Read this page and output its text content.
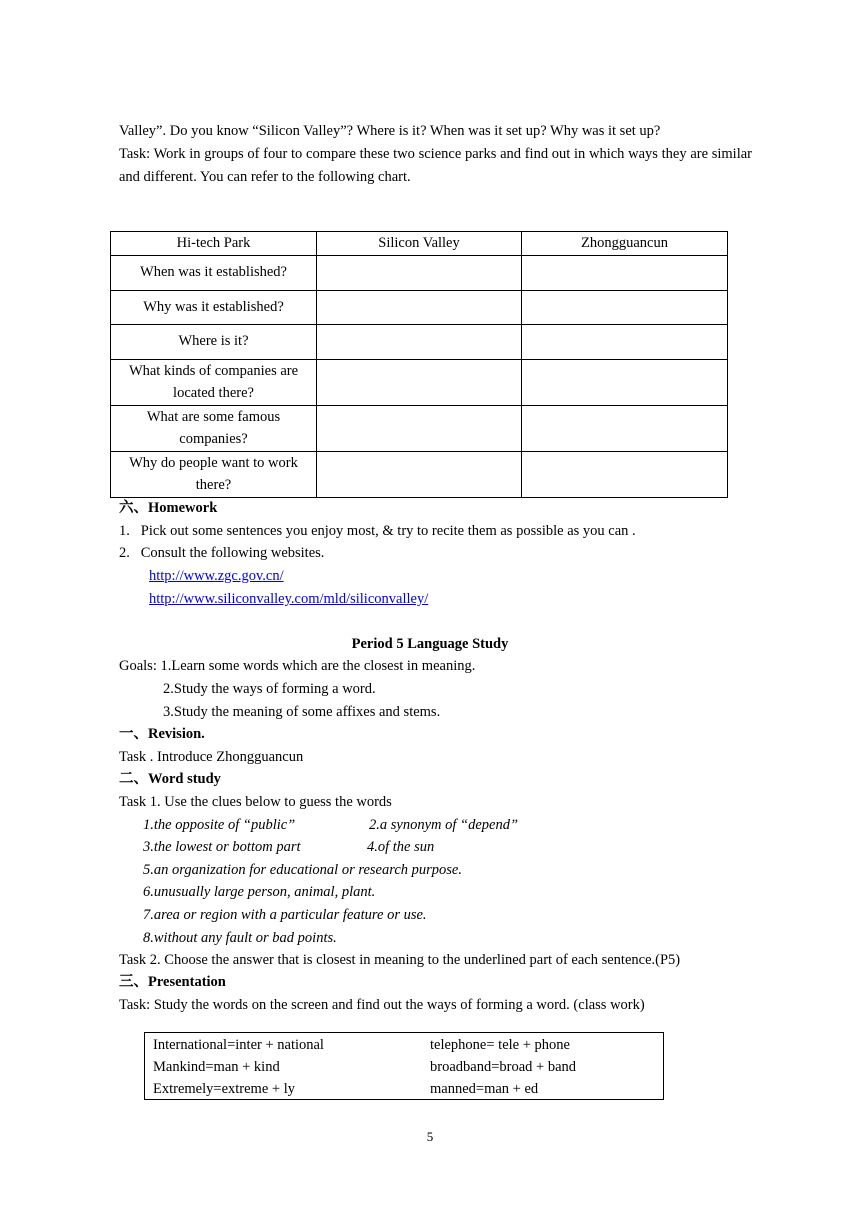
Valley”. Do you know “Silicon Valley”? Where is it? When was it set up? Why was it set up?
Task: Work in groups of four to compare these two science parks and find out in which ways they are similar and different. You can refer to the following chart.
Hi-tech Park	Silicon Valley	Zhongguancun
When was it established?		
Why was it established?		
Where is it?		
What kinds of companies are located there?		
What are some famous companies?		
Why do people want to work there?		
六、Homework
1.   Pick out some sentences you enjoy most, & try to recite them as possible as you can .
2.   Consult the following websites.
http://www.zgc.gov.cn/
http://www.siliconvalley.com/mld/siliconvalley/
Period 5 Language Study
Goals: 1.Learn some words which are the closest in meaning.
2.Study the ways of forming a word.
3.Study the meaning of some affixes and stems.
一、Revision.
Task . Introduce Zhongguancun
二、Word study
Task 1. Use the clues below to guess the words
1.the opposite of “public”	2.a synonym of “depend”
3.the lowest or bottom part	4.of the sun
5.an organization for educational or research purpose.
6.unusually large person, animal, plant.
7.area or region with a particular feature or use.
8.without any fault or bad points.
Task 2. Choose the answer that is closest in meaning to the underlined part of each sentence.(P5)
三、Presentation
Task: Study the words on the screen and find out the ways of forming a word. (class work)
International=inter + national	telephone= tele + phone
Mankind=man + kind	broadband=broad + band
Extremely=extreme + ly	manned=man + ed
5
